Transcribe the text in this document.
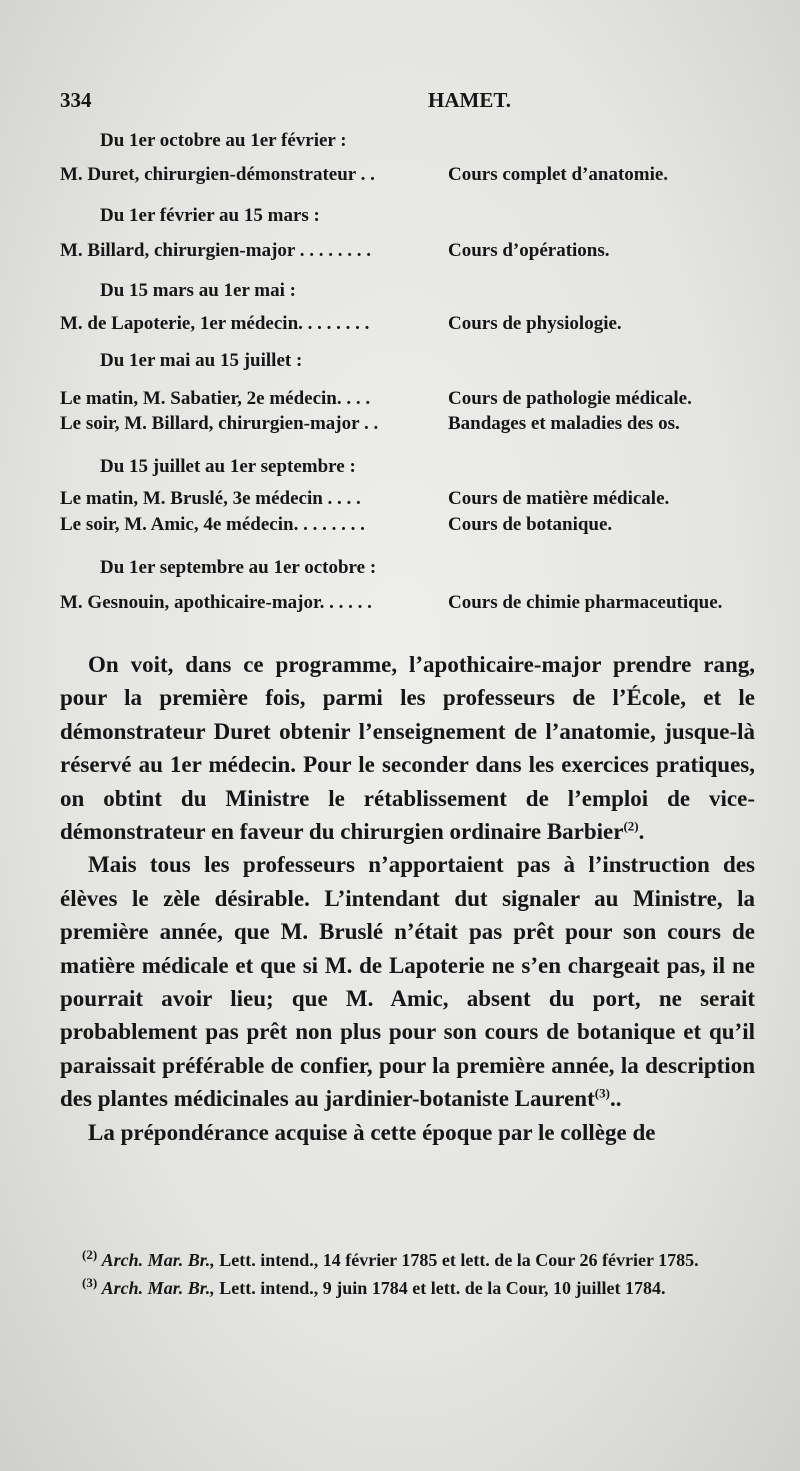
334	HAMET.
Du 1er octobre au 1er février :
M. Duret, chirurgien-démonstrateur . .	Cours complet d’anatomie.
Du 1er février au 15 mars :
M. Billard, chirurgien-major . . . . . . . .	Cours d’opérations.
Du 15 mars au 1er mai :
M. de Lapoterie, 1er médecin. . . . . . . .	Cours de physiologie.
Du 1er mai au 15 juillet :
Le matin, M. Sabatier, 2e médecin. . . .	Cours de pathologie médicale.
Le soir, M. Billard, chirurgien-major . .	Bandages et maladies des os.
Du 15 juillet au 1er septembre :
Le matin, M. Bruslé, 3e médecin . . . .	Cours de matière médicale.
Le soir, M. Amic, 4e médecin. . . . . . . .	Cours de botanique.
Du 1er septembre au 1er octobre :
M. Gesnouin, apothicaire-major. . . . . .	Cours de chimie pharmaceutique.

On voit, dans ce programme, l’apothicaire-major prendre rang, pour la première fois, parmi les professeurs de l’École, et le démonstrateur Duret obtenir l’enseignement de l’anatomie, jusque-là réservé au 1er médecin. Pour le seconder dans les exercices pratiques, on obtint du Ministre le rétablissement de l’emploi de vice-démonstrateur en faveur du chirurgien ordinaire Barbier$^{(2)}$.

Mais tous les professeurs n’apportaient pas à l’instruction des élèves le zèle désirable. L’intendant dut signaler au Ministre, la première année, que M. Bruslé n’était pas prêt pour son cours de matière médicale et que si M. de Lapoterie ne s’en chargeait pas, il ne pourrait avoir lieu; que M. Amic, absent du port, ne serait probablement pas prêt non plus pour son cours de botanique et qu’il paraissait préférable de confier, pour la première année, la description des plantes médicinales au jardinier-botaniste Laurent$^{(3)}$..

La prépondérance acquise à cette époque par le collège de

$^{(2)}$ Arch. Mar. Br., Lett. intend., 14 février 1785 et lett. de la Cour 26 février 1785.

$^{(3)}$ Arch. Mar. Br., Lett. intend., 9 juin 1784 et lett. de la Cour, 10 juillet 1784.
